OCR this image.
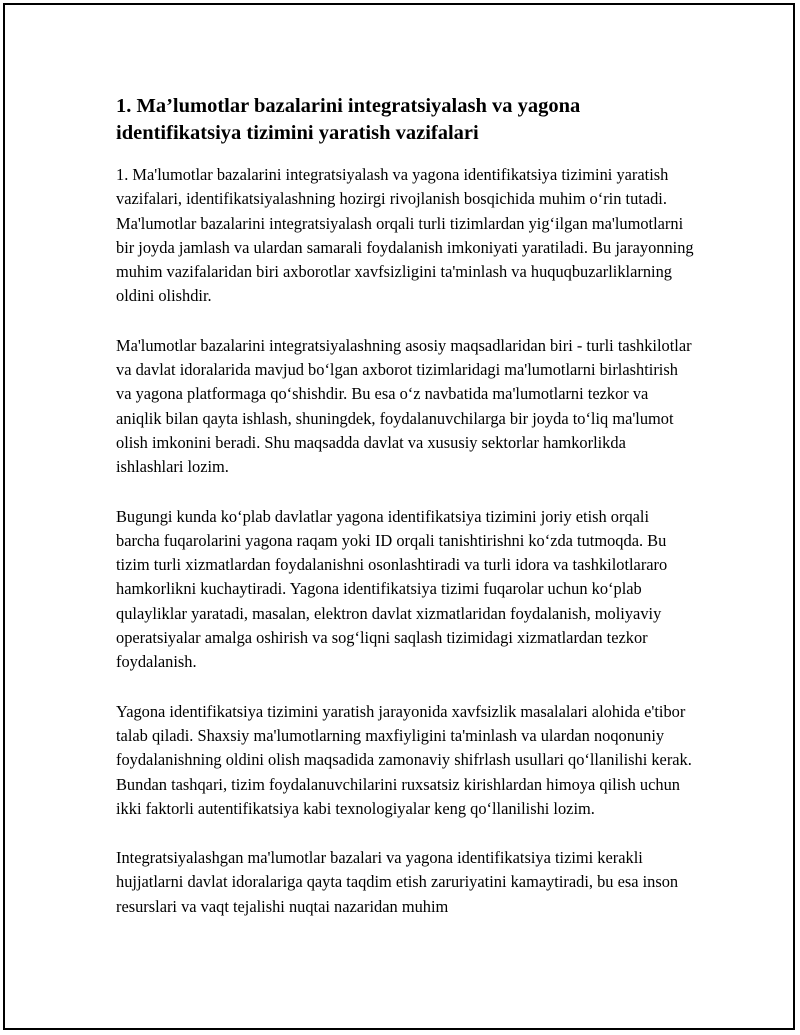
1. Ma’lumotlar bazalarini integratsiyalash va yagona identifikatsiya tizimini yaratish vazifalari

1. Ma'lumotlar bazalarini integratsiyalash va yagona identifikatsiya tizimini yaratish vazifalari, identifikatsiyalashning hozirgi rivojlanish bosqichida muhim o‘rin tutadi. Ma'lumotlar bazalarini integratsiyalash orqali turli tizimlardan yig‘ilgan ma'lumotlarni bir joyda jamlash va ulardan samarali foydalanish imkoniyati yaratiladi. Bu jarayonning muhim vazifalaridan biri axborotlar xavfsizligini ta'minlash va huquqbuzarliklarning oldini olishdir.

Ma'lumotlar bazalarini integratsiyalashning asosiy maqsadlaridan biri - turli tashkilotlar va davlat idoralarida mavjud bo‘lgan axborot tizimlaridagi ma'lumotlarni birlashtirish va yagona platformaga qo‘shishdir. Bu esa o‘z navbatida ma'lumotlarni tezkor va aniqlik bilan qayta ishlash, shuningdek, foydalanuvchilarga bir joyda to‘liq ma'lumot olish imkonini beradi. Shu maqsadda davlat va xususiy sektorlar hamkorlikda ishlashlari lozim.

Bugungi kunda ko‘plab davlatlar yagona identifikatsiya tizimini joriy etish orqali barcha fuqarolarini yagona raqam yoki ID orqali tanishtirishni ko‘zda tutmoqda. Bu tizim turli xizmatlardan foydalanishni osonlashtiradi va turli idora va tashkilotlararo hamkorlikni kuchaytiradi. Yagona identifikatsiya tizimi fuqarolar uchun ko‘plab qulayliklar yaratadi, masalan, elektron davlat xizmatlaridan foydalanish, moliyaviy operatsiyalar amalga oshirish va sog‘liqni saqlash tizimidagi xizmatlardan tezkor foydalanish.

Yagona identifikatsiya tizimini yaratish jarayonida xavfsizlik masalalari alohida e'tibor talab qiladi. Shaxsiy ma'lumotlarning maxfiyligini ta'minlash va ulardan noqonuniy foydalanishning oldini olish maqsadida zamonaviy shifrlash usullari qo‘llanilishi kerak. Bundan tashqari, tizim foydalanuvchilarini ruxsatsiz kirishlardan himoya qilish uchun ikki faktorli autentifikatsiya kabi texnologiyalar keng qo‘llanilishi lozim.

Integratsiyalashgan ma'lumotlar bazalari va yagona identifikatsiya tizimi kerakli hujjatlarni davlat idoralariga qayta taqdim etish zaruriyatini kamaytiradi, bu esa inson resurslari va vaqt tejalishi nuqtai nazaridan muhim
